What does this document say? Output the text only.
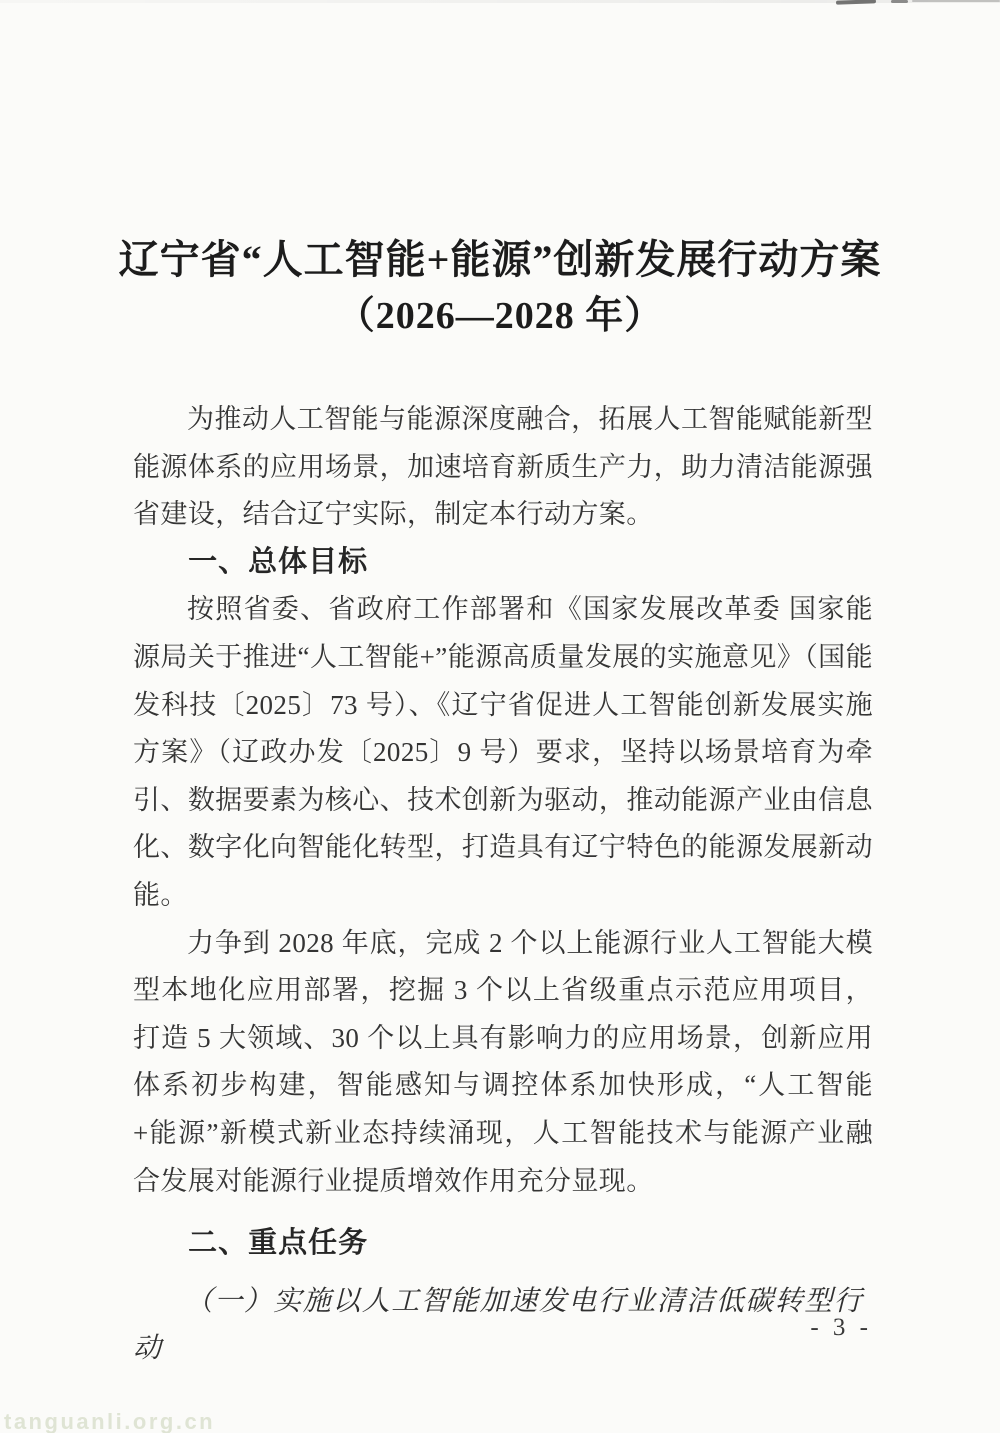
辽宁省“人工智能+能源”创新发展行动方案
（2026—2028 年）

为推动人工智能与能源深度融合，拓展人工智能赋能新型能源体系的应用场景，加速培育新质生产力，助力清洁能源强省建设，结合辽宁实际，制定本行动方案。

一、总体目标

按照省委、省政府工作部署和《国家发展改革委 国家能源局关于推进“人工智能+”能源高质量发展的实施意见》（国能发科技〔2025〕73 号）、《辽宁省促进人工智能创新发展实施方案》（辽政办发〔2025〕9 号）要求，坚持以场景培育为牵引、数据要素为核心、技术创新为驱动，推动能源产业由信息化、数字化向智能化转型，打造具有辽宁特色的能源发展新动能。

力争到 2028 年底，完成 2 个以上能源行业人工智能大模型本地化应用部署，挖掘 3 个以上省级重点示范应用项目，打造 5 大领域、30 个以上具有影响力的应用场景，创新应用体系初步构建，智能感知与调控体系加快形成，“人工智能+能源”新模式新业态持续涌现，人工智能技术与能源产业融合发展对能源行业提质增效作用充分显现。

二、重点任务
（一）实施以人工智能加速发电行业清洁低碳转型行动
- 3 -
tanguanli.org.cn
